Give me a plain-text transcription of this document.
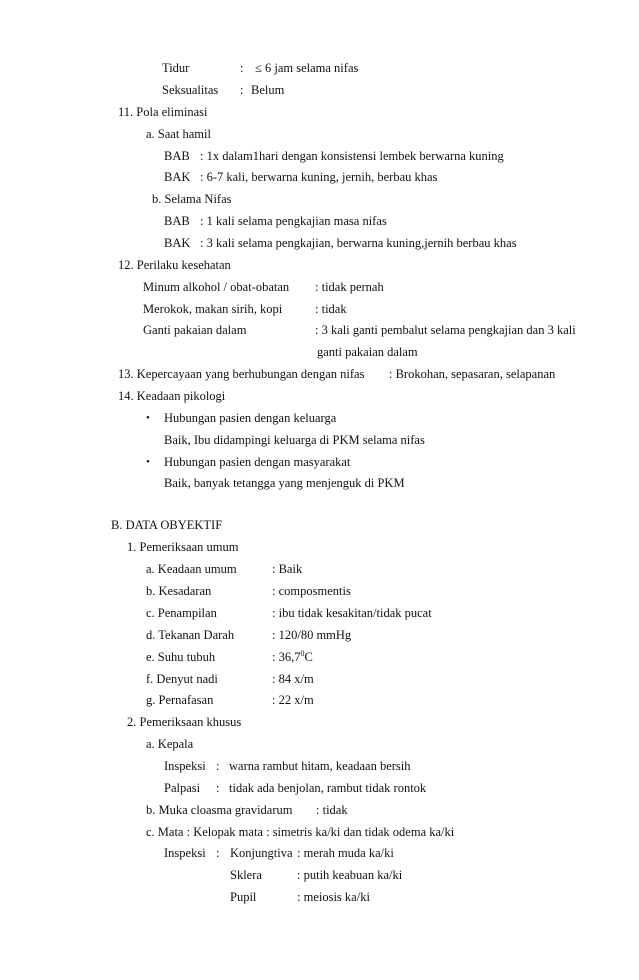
Tidur	: ≤ 6 jam selama nifas
Seksualitas : Belum
11. Pola eliminasi
a. Saat hamil
BAB : 1x dalam1hari dengan konsistensi lembek berwarna kuning
BAK : 6-7 kali, berwarna kuning, jernih, berbau khas
b. Selama Nifas
BAB : 1 kali selama pengkajian masa nifas
BAK : 3 kali selama pengkajian, berwarna kuning,jernih berbau khas
12. Perilaku kesehatan
Minum alkohol / obat-obatan : tidak pernah
Merokok, makan sirih, kopi	: tidak
Ganti pakaian dalam	: 3 kali ganti pembalut selama pengkajian dan 3 kali
ganti pakaian dalam
13. Kepercayaan yang berhubungan dengan nifas : Brokohan, sepasaran, selapanan
14. Keadaan pikologi
• Hubungan pasien dengan keluarga
Baik, Ibu didampingi keluarga di PKM selama nifas
• Hubungan pasien dengan masyarakat
Baik, banyak tetangga yang menjenguk di PKM
B. DATA OBYEKTIF
1. Pemeriksaan umum
a. Keadaan umum	: Baik
b. Kesadaran	: composmentis
c. Penampilan	: ibu tidak kesakitan/tidak pucat
d. Tekanan Darah	: 120/80 mmHg
e. Suhu tubuh	: 36,7$^0$C
f. Denyut nadi	: 84 x/m
g. Pernafasan	: 22 x/m
2. Pemeriksaan khusus
a. Kepala
Inspeksi : warna rambut hitam, keadaan bersih
Palpasi : tidak ada benjolan, rambut tidak rontok
b. Muka cloasma gravidarum : tidak
c. Mata : Kelopak mata : simetris ka/ki dan tidak odema ka/ki
Inspeksi : Konjungtiva : merah muda ka/ki
Sklera	: putih keabuan ka/ki
Pupil	: meiosis ka/ki
